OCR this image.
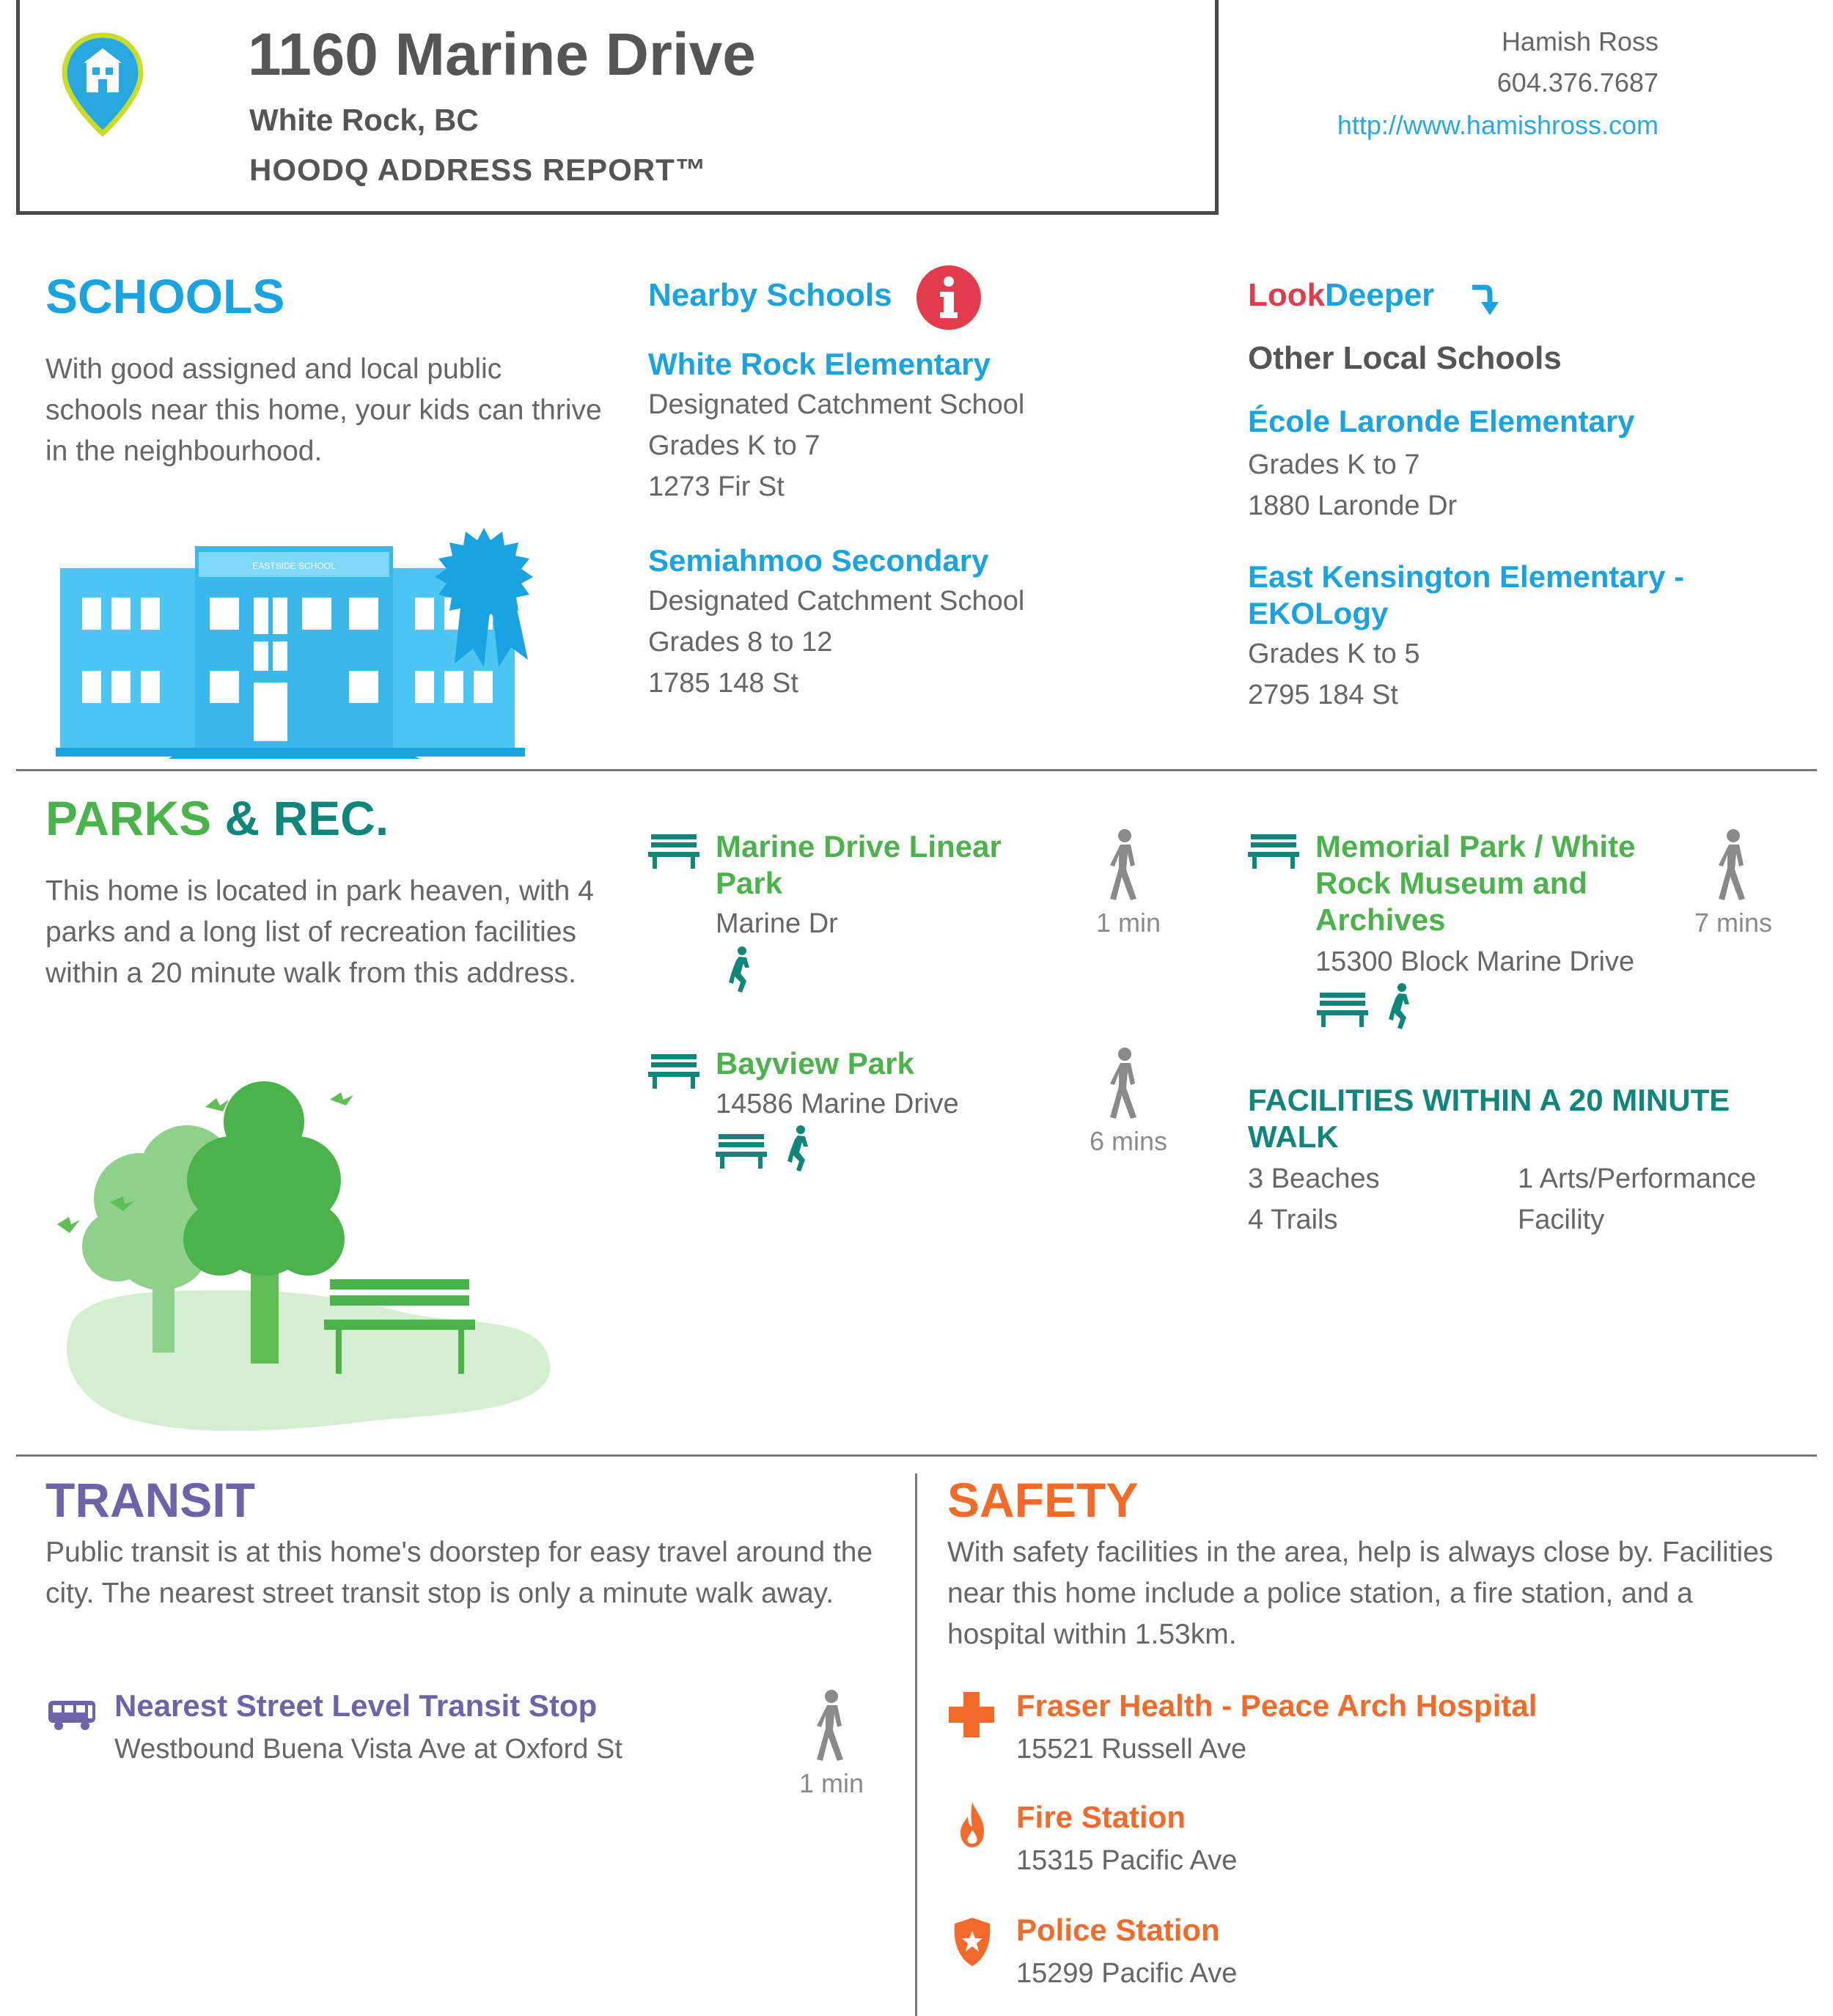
1160 Marine Drive
White Rock, BC
HOODQ ADDRESS REPORT™
Hamish Ross
604.376.7687
http://www.hamishross.com
SCHOOLS
With good assigned and local public schools near this home, your kids can thrive in the neighbourhood.
EASTSIDE SCHOOL
Nearby Schools
White Rock Elementary
Designated Catchment School
Grades K to 7
1273 Fir St
Semiahmoo Secondary
Designated Catchment School
Grades 8 to 12
1785 148 St
LookDeeper
Other Local Schools
École Laronde Elementary
Grades K to 7
1880 Laronde Dr
East Kensington Elementary -
EKOLogy
Grades K to 5
2795 184 St
PARKS & REC.
This home is located in park heaven, with 4 parks and a long list of recreation facilities within a 20 minute walk from this address.
Marine Drive Linear
Park
Marine Dr	1 min
Bayview Park
14586 Marine Drive
6 mins
Memorial Park / White
Rock Museum and
Archives
15300 Block Marine Drive
7 mins
FACILITIES WITHIN A 20 MINUTE
WALK
3 Beaches
4 Trails
1 Arts/Performance
Facility
TRANSIT
Public transit is at this home's doorstep for easy travel around the city. The nearest street transit stop is only a minute walk away.
Nearest Street Level Transit Stop
Westbound Buena Vista Ave at Oxford St
1 min
SAFETY
With safety facilities in the area, help is always close by. Facilities near this home include a police station, a fire station, and a hospital within 1.53km.
Fraser Health - Peace Arch Hospital
15521 Russell Ave
Fire Station
15315 Pacific Ave
Police Station
15299 Pacific Ave
